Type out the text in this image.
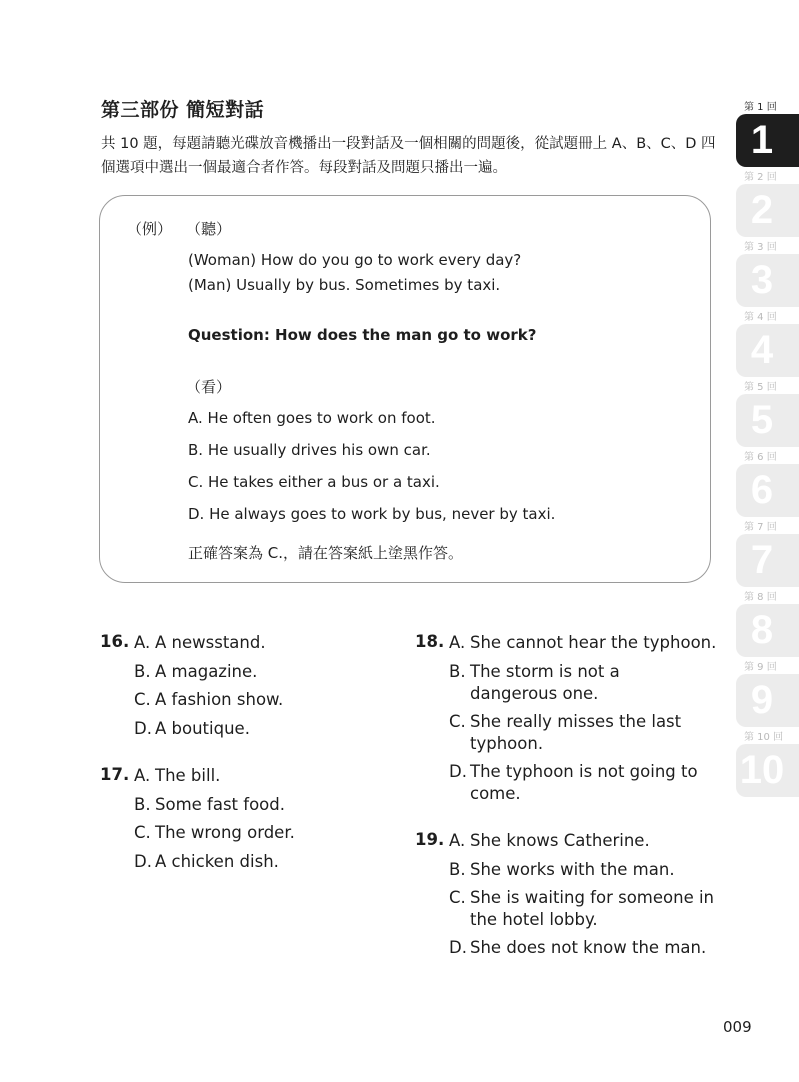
第三部份 簡短對話
共 10 題，每題請聽光碟放音機播出一段對話及一個相關的問題後，從試題冊上 A、B、C、D 四個選項中選出一個最適合者作答。每段對話及問題只播出一遍。
（例） （聽）
(Woman) How do you go to work every day?
(Man) Usually by bus. Sometimes by taxi.
Question: How does the man go to work?
（看）
A. He often goes to work on foot.
B. He usually drives his own car.
C. He takes either a bus or a taxi.
D. He always goes to work by bus, never by taxi.
正確答案為 C.，請在答案紙上塗黑作答。
16. A. A newsstand.
B. A magazine.
C. A fashion show.
D. A boutique.
17. A. The bill.
B. Some fast food.
C. The wrong order.
D. A chicken dish.
18. A. She cannot hear the typhoon.
B. The storm is not a dangerous one.
C. She really misses the last typhoon.
D. The typhoon is not going to come.
19. A. She knows Catherine.
B. She works with the man.
C. She is waiting for someone in the hotel lobby.
D. She does not know the man.
第 1 回
1
第 2 回
2
第 3 回
3
第 4 回
4
第 5 回
5
第 6 回
6
第 7 回
7
第 8 回
8
第 9 回
9
第 10 回
10
009
